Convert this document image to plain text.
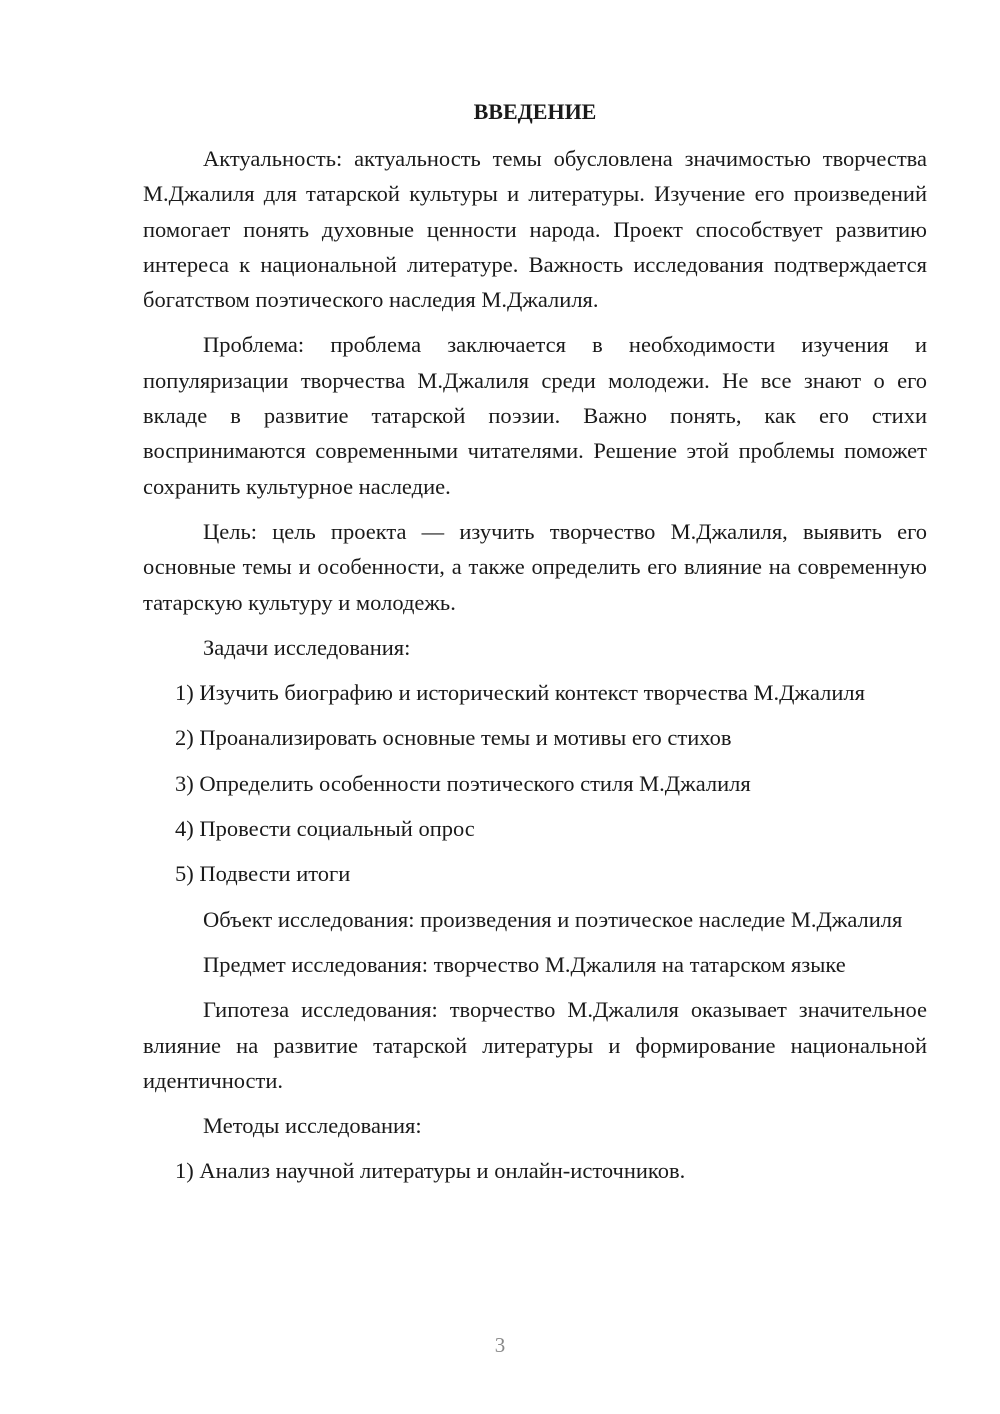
ВВЕДЕНИЕ

Актуальность: актуальность темы обусловлена значимостью творчества М.Джалиля для татарской культуры и литературы. Изучение его произведений помогает понять духовные ценности народа. Проект способствует развитию интереса к национальной литературе. Важность исследования подтверждается богатством поэтического наследия М.Джалиля.

Проблема: проблема заключается в необходимости изучения и популяризации творчества М.Джалиля среди молодежи. Не все знают о его вкладе в развитие татарской поэзии. Важно понять, как его стихи воспринимаются современными читателями. Решение этой проблемы поможет сохранить культурное наследие.

Цель: цель проекта — изучить творчество М.Джалиля, выявить его основные темы и особенности, а также определить его влияние на современную татарскую культуру и молодежь.

Задачи исследования:

1) Изучить биографию и исторический контекст творчества М.Джалиля

2) Проанализировать основные темы и мотивы его стихов

3) Определить особенности поэтического стиля М.Джалиля

4) Провести социальный опрос

5) Подвести итоги

Объект исследования: произведения и поэтическое наследие М.Джалиля

Предмет исследования: творчество М.Джалиля на татарском языке

Гипотеза исследования: творчество М.Джалиля оказывает значительное влияние на развитие татарской литературы и формирование национальной идентичности.

Методы исследования:

1) Анализ научной литературы и онлайн-источников.

3
